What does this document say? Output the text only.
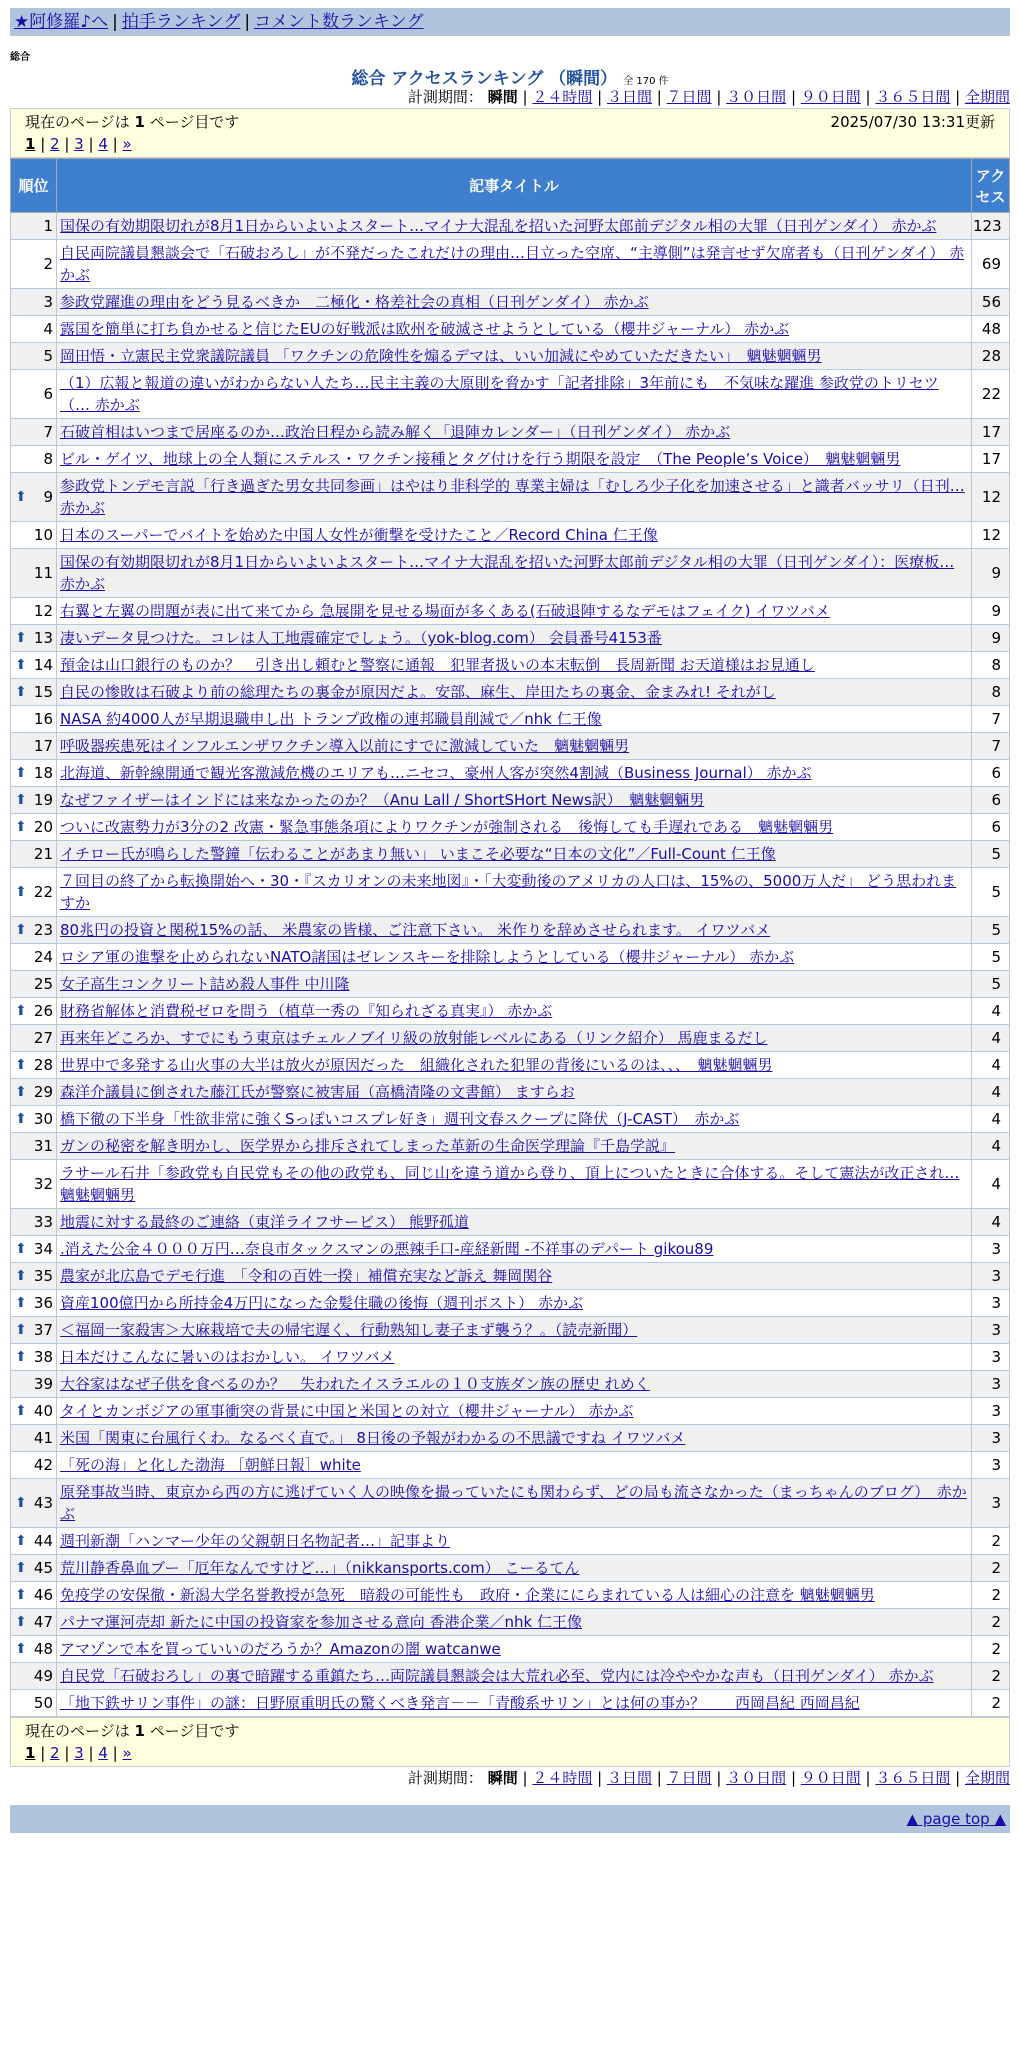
★阿修羅♪へ | 拍手ランキング | コメント数ランキング
総合
総合 アクセスランキング （瞬間） 全 170 件
計測期間： 瞬間 | ２４時間 | ３日間 | ７日間 | ３０日間 | ９０日間 | ３６５日間 | 全期間
現在のページは 1 ページ目です	2025/07/30 13:31更新
1 | 2 | 3 | 4 | »
順位	記事タイトル	アクセス
1	国保の有効期限切れが8月1日からいよいよスタート…マイナ大混乱を招いた河野太郎前デジタル相の大罪（日刊ゲンダイ） 赤かぶ	123
2	自民両院議員懇談会で「石破おろし」が不発だったこれだけの理由…目立った空席、“主導側”は発言せず欠席者も（日刊ゲンダイ） 赤かぶ	69
3	参政党躍進の理由をどう見るべきか　二極化・格差社会の真相（日刊ゲンダイ） 赤かぶ	56
4	露国を簡単に打ち負かせると信じたEUの好戦派は欧州を破滅させようとしている（櫻井ジャーナル） 赤かぶ	48
5	岡田悟・立憲民主党衆議院議員 「ワクチンの危険性を煽るデマは、いい加減にやめていただきたい」　魑魅魍魎男	28
6	（1）広報と報道の違いがわからない人たち…民主主義の大原則を脅かす「記者排除」3年前にも　不気味な躍進 参政党のトリセツ（… 赤かぶ	22
7	石破首相はいつまで居座るのか…政治日程から読み解く「退陣カレンダー」（日刊ゲンダイ） 赤かぶ	17
8	ビル・ゲイツ、地球上の全人類にステルス・ワクチン接種とタグ付けを行う期限を設定　（The People’s Voice）　魑魅魍魎男	17

⬆ 9	参政党トンデモ言説「行き過ぎた男女共同参画」はやはり非科学的 専業主婦は「むしろ少子化を加速させる」と識者バッサリ（日刊… 赤かぶ	12
10	日本のスーパーでバイトを始めた中国人女性が衝撃を受けたこと／Record China 仁王像	12
11	国保の有効期限切れが8月1日からいよいよスタート…マイナ大混乱を招いた河野太郎前デジタル相の大罪（日刊ゲンダイ）：医療板… 赤かぶ	9
12	右翼と左翼の問題が表に出て来てから 急展開を見せる場面が多くある(石破退陣するなデモはフェイク) イワツバメ	9

⬆ 13	凄いデータ見つけた。コレは人工地震確定でしょう。（yok-blog.com） 会員番号4153番	9

⬆ 14	預金は山口銀行のものか？　引き出し頼むと警察に通報　犯罪者扱いの本末転倒　長周新聞 お天道様はお見通し	8

⬆ 15	自民の惨敗は石破より前の総理たちの裏金が原因だよ。安部、麻生、岸田たちの裏金、金まみれ! それがし	8
16	NASA 約4000人が早期退職申し出 トランプ政権の連邦職員削減で／nhk 仁王像	7
17	呼吸器疾患死はインフルエンザワクチン導入以前にすでに激減していた　魑魅魍魎男	7

⬆ 18	北海道、新幹線開通で観光客激減危機のエリアも…ニセコ、豪州人客が突然4割減（Business Journal） 赤かぶ	6

⬆ 19	なぜファイザーはインドには来なかったのか？（Anu Lall / ShortSHort News訳）　魑魅魍魎男	6

⬆ 20	ついに改憲勢力が3分の2 改憲・緊急事態条項によりワクチンが強制される　後悔しても手遅れである　魑魅魍魎男	6
21	イチロー氏が鳴らした警鐘「伝わることがあまり無い」 いまこそ必要な“日本の文化”／Full-Count 仁王像	5

⬆ 22	７回目の終了から転換開始へ・30・『スカリオンの未来地図』・「大変動後のアメリカの人口は、15%の、5000万人だ」 どう思われますか	5

⬆ 23	80兆円の投資と関税15%の話、 米農家の皆様、ご注意下さい。 米作りを辞めさせられます。 イワツバメ	5
24	ロシア軍の進撃を止められないNATO諸国はゼレンスキーを排除しようとしている（櫻井ジャーナル） 赤かぶ	5
25	女子高生コンクリート詰め殺人事件 中川隆	5

⬆ 26	財務省解体と消費税ゼロを問う（植草一秀の『知られざる真実』） 赤かぶ	4
27	再来年どころか、すでにもう東京はチェルノブイリ級の放射能レベルにある（リンク紹介） 馬鹿まるだし	4

⬆ 28	世界中で多発する山火事の大半は放火が原因だった　組織化された犯罪の背後にいるのは、、、　魑魅魍魎男	4

⬆ 29	森洋介議員に倒された藤江氏が警察に被害届（高橋清隆の文書館） ますらお	4

⬆ 30	橋下徹の下半身「性欲非常に強くSっぽいコスプレ好き」週刊文春スクープに降伏（J-CAST）　赤かぶ	4
31	ガンの秘密を解き明かし、医学界から排斥されてしまった革新の生命医学理論『千島学説』	4
32	ラサール石井「参政党も自民党もその他の政党も、同じ山を違う道から登り、頂上についたときに合体する。そして憲法が改正され… 魑魅魍魎男	4
33	地震に対する最終のご連絡（東洋ライフサービス） 熊野孤道	4

⬆ 34	.消えた公金４０００万円…奈良市タックスマンの悪辣手口-産経新聞 -不祥事のデパート gikou89	3

⬆ 35	農家が北広島でデモ行進　「令和の百姓一揆」補償充実など訴え 舞岡関谷	3

⬆ 36	資産100億円から所持金4万円になった金髪住職の後悔（週刊ポスト） 赤かぶ	3

⬆ 37	＜福岡一家殺害＞大麻栽培で夫の帰宅遅く、行動熟知し妻子まず襲う？。（読売新聞）	3

⬆ 38	日本だけこんなに暑いのはおかしい。 イワツバメ	3
39	大谷家はなぜ子供を食べるのか？　失われたイスラエルの１０支族ダン族の歴史 れめく	3

⬆ 40	タイとカンボジアの軍事衝突の背景に中国と米国との対立（櫻井ジャーナル） 赤かぶ	3
41	米国「関東に台風行くわ。なるべく直で。」 8日後の予報がわかるの不思議ですね イワツバメ	3
42	「死の海」と化した渤海 ［朝鮮日報］white	3

⬆ 43	原発事故当時、東京から西の方に逃げていく人の映像を撮っていたにも関わらず、どの局も流さなかった（まっちゃんのブログ）　赤かぶ	3

⬆ 44	週刊新潮「ハンマー少年の父親朝日名物記者…」記事より	2

⬆ 45	荒川静香鼻血ブー「厄年なんですけど…」（nikkansports.com） こーるてん	2

⬆ 46	免疫学の安保徹・新潟大学名誉教授が急死　暗殺の可能性も　政府・企業ににらまれている人は細心の注意を 魑魅魍魎男	2

⬆ 47	パナマ運河売却 新たに中国の投資家を参加させる意向 香港企業／nhk 仁王像	2

⬆ 48	アマゾンで本を買っていいのだろうか？Amazonの闇 watcanwe	2
49	自民党「石破おろし」の裏で暗躍する重鎮たち…両院議員懇談会は大荒れ必至、党内には冷ややかな声も（日刊ゲンダイ） 赤かぶ	2
50	「地下鉄サリン事件」の謎：日野原重明氏の驚くべき発言－－「青酸系サリン」とは何の事か？　　西岡昌紀 西岡昌紀	2
現在のページは 1 ページ目です
1 | 2 | 3 | 4 | »
計測期間： 瞬間 | ２４時間 | ３日間 | ７日間 | ３０日間 | ９０日間 | ３６５日間 | 全期間
▲ page top ▲
